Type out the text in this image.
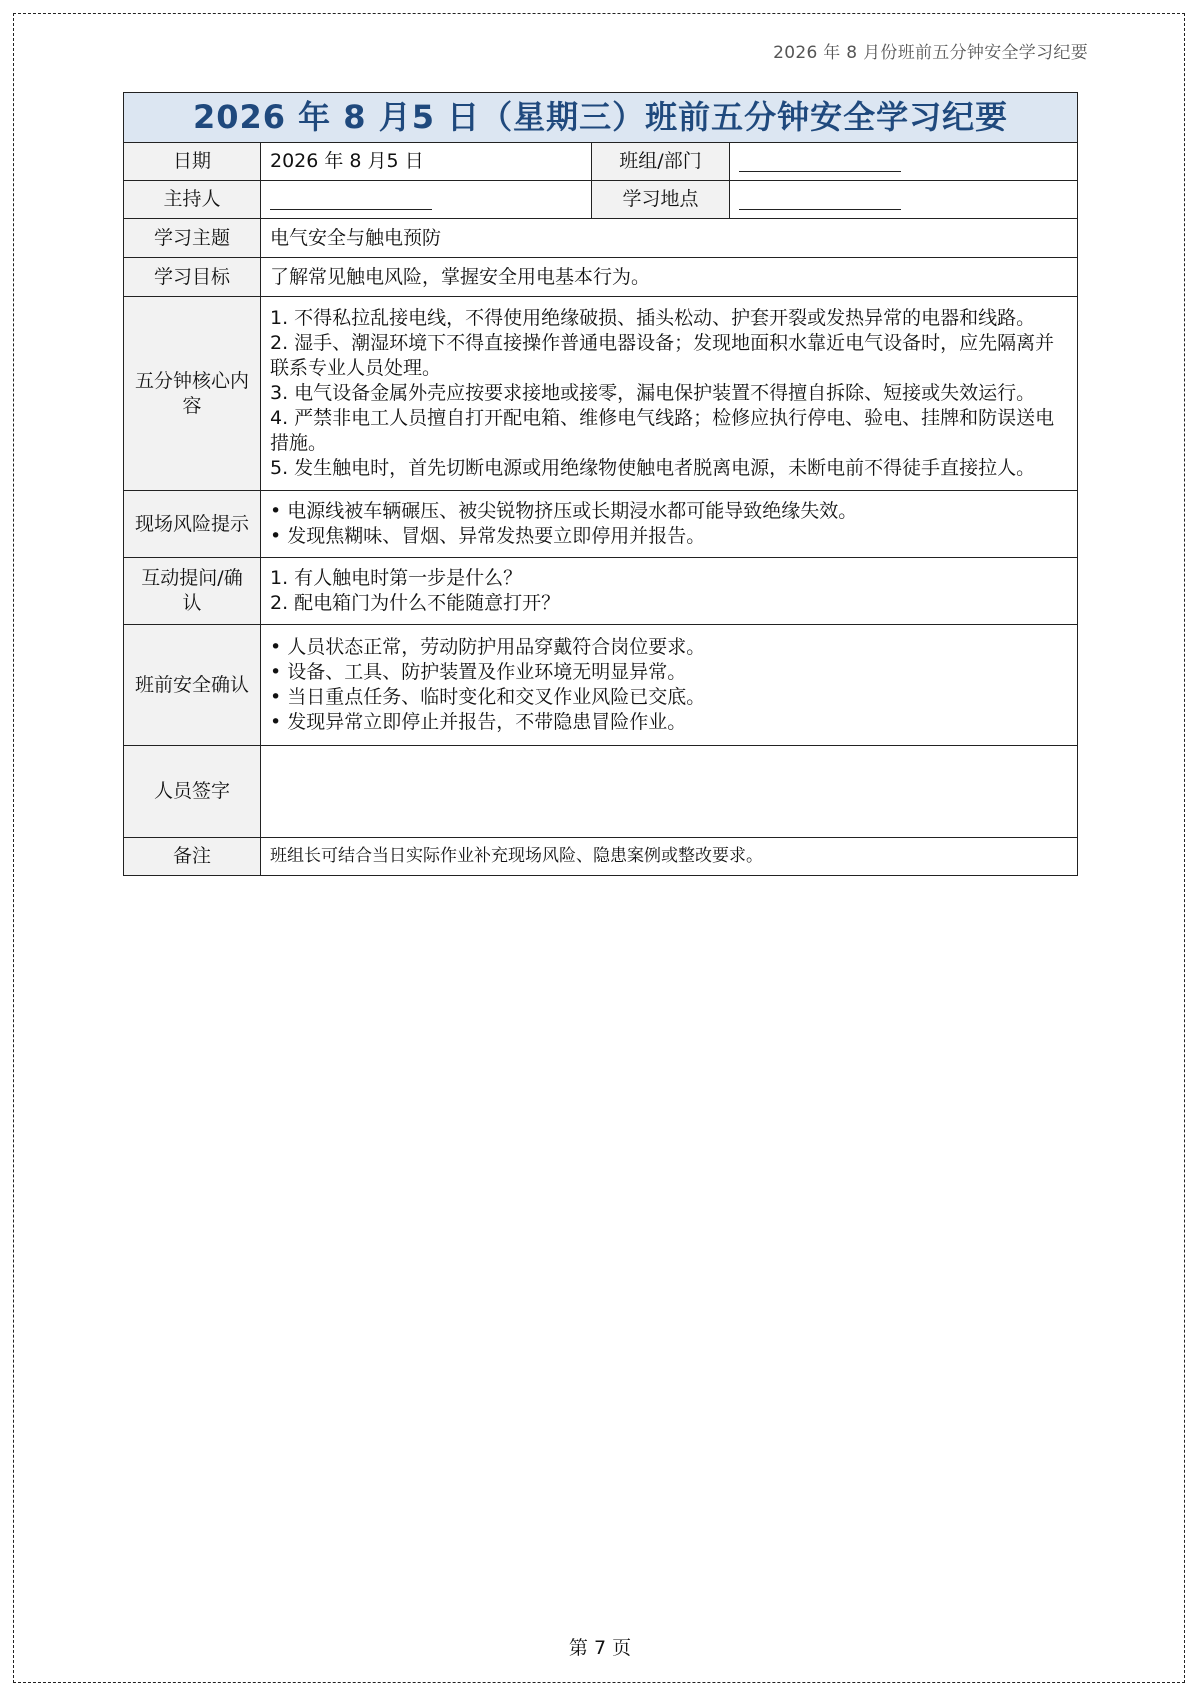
2026 年 8 月份班前五分钟安全学习纪要
2026 年 8 月5 日（星期三）班前五分钟安全学习纪要			
日期	2026 年 8 月5 日	班组/部门	
主持人		学习地点	
学习主题	电气安全与触电预防		
学习目标	了解常见触电风险，掌握安全用电基本行为。		
五分钟核心内容	1. 不得私拉乱接电线，不得使用绝缘破损、插头松动、护套开裂或发热异常的电器和线路。
2. 湿手、潮湿环境下不得直接操作普通电器设备；发现地面积水靠近电气设备时，应先隔离并联系专业人员处理。
3. 电气设备金属外壳应按要求接地或接零，漏电保护装置不得擅自拆除、短接或失效运行。
4. 严禁非电工人员擅自打开配电箱、维修电气线路；检修应执行停电、验电、挂牌和防误送电措施。
5. 发生触电时，首先切断电源或用绝缘物使触电者脱离电源，未断电前不得徒手直接拉人。		

现场风险提示	• 电源线被车辆碾压、被尖锐物挤压或长期浸水都可能导致绝缘失效。
• 发现焦糊味、冒烟、异常发热要立即停用并报告。		

互动提问/确认	1. 有人触电时第一步是什么？
2. 配电箱门为什么不能随意打开？		

班前安全确认	• 人员状态正常，劳动防护用品穿戴符合岗位要求。
• 设备、工具、防护装置及作业环境无明显异常。
• 当日重点任务、临时变化和交叉作业风险已交底。
• 发现异常立即停止并报告，不带隐患冒险作业。		

人员签字			
备注	班组长可结合当日实际作业补充现场风险、隐患案例或整改要求。		
第 7 页
